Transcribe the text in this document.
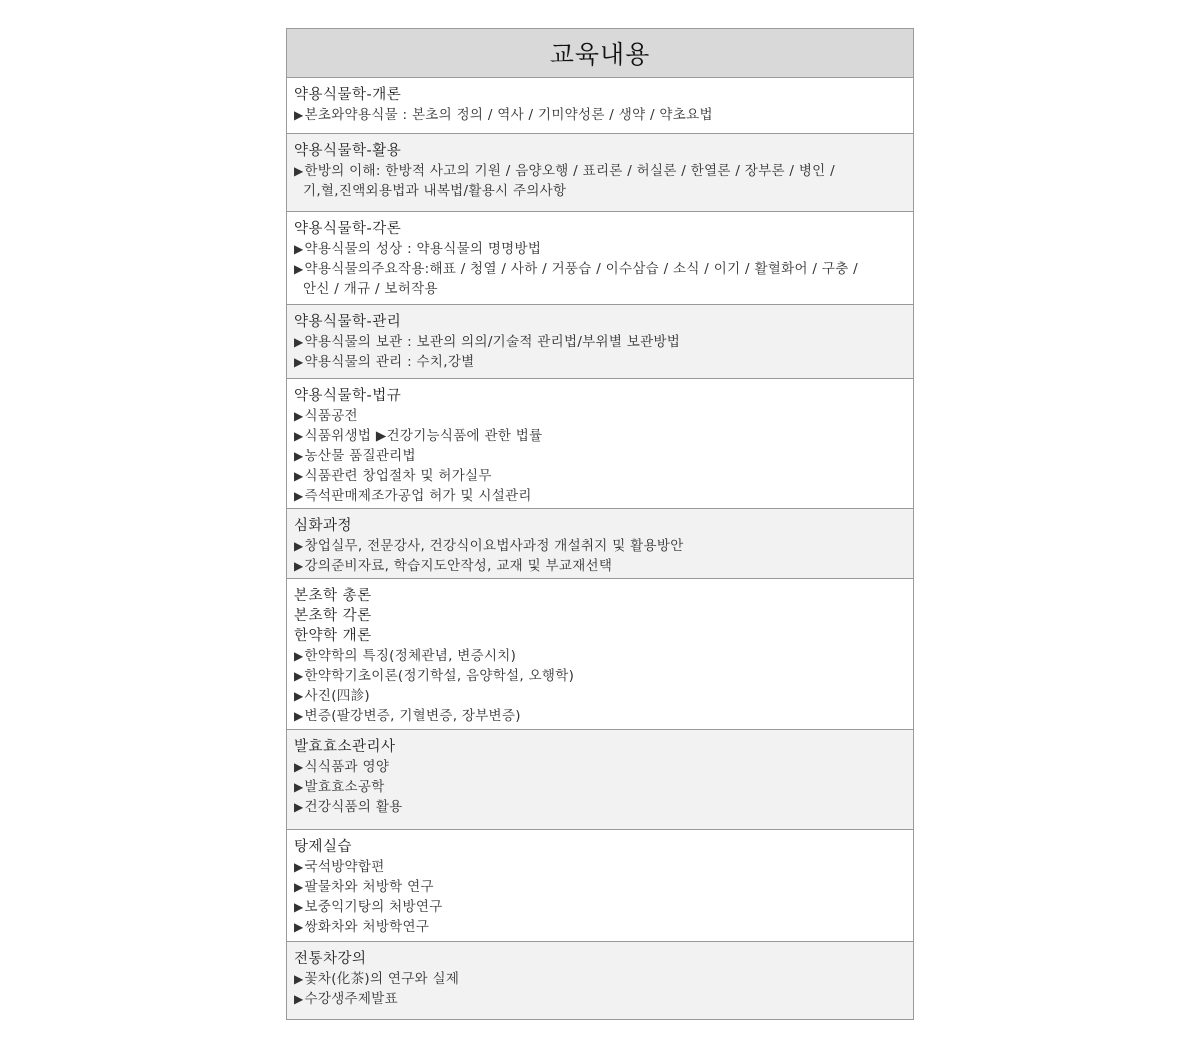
교육내용
약용식물학-개론
▶본초와약용식물 : 본초의 정의 / 역사 / 기미약성론 / 생약 / 약초요법
약용식물학-활용
▶한방의 이해: 한방적 사고의 기원 / 음양오행 / 표리론 / 허실론 / 한열론 / 장부론 / 병인 /
기,혈,진액외용법과 내복법/활용시 주의사항
약용식물학-각론
▶약용식물의 성상 : 약용식물의 명명방법
▶약용식물의주요작용:해표 / 청열 / 사하 / 거풍습 / 이수삼습 / 소식 / 이기 / 활혈화어 / 구충 /
안신 / 개규 / 보허작용
약용식물학-관리
▶약용식물의 보관 : 보관의 의의/기술적 관리법/부위별 보관방법
▶약용식물의 관리 : 수치,강별
약용식물학-법규
▶식품공전
▶식품위생법 ▶건강기능식품에 관한 법률
▶농산물 품질관리법
▶식품관련 창업절차 및 허가실무
▶즉석판매제조가공업 허가 및 시설관리
심화과정
▶창업실무, 전문강사, 건강식이요법사과정 개설취지 및 활용방안
▶강의준비자료, 학습지도안작성, 교재 및 부교재선택
본초학 총론
본초학 각론
한약학 개론
▶한약학의 특징(정체관념, 변증시치)
▶한약학기초이론(정기학설, 음양학설, 오행학)
▶사진(四診)
▶변증(팔강변증, 기혈변증, 장부변증)
발효효소관리사
▶식식품과 영양
▶발효효소공학
▶건강식품의 활용
탕제실습
▶국석방약합편
▶팔물차와 처방학 연구
▶보중익기탕의 처방연구
▶쌍화차와 처방학연구
전통차강의
▶꽃차(化茶)의 연구와 실제
▶수강생주제발표
